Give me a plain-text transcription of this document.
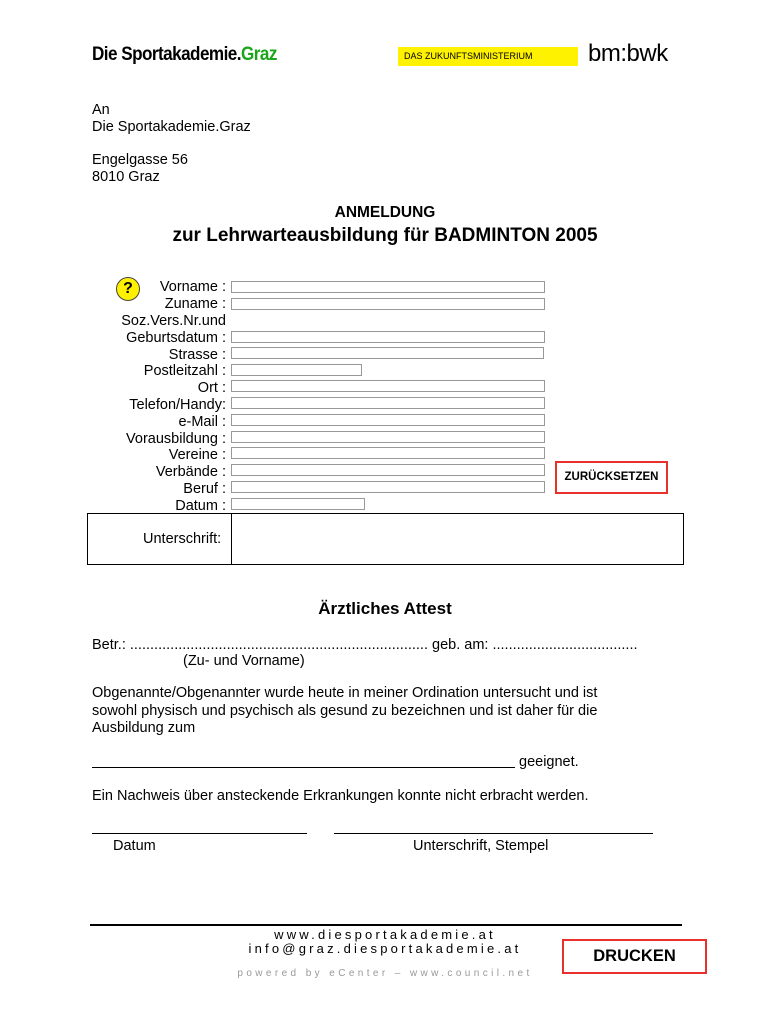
Die Sportakademie.Graz	DAS ZUKUNFTSMINISTERIUM	bm:bwk
An
Die Sportakademie.Graz
Engelgasse 56
8010 Graz
ANMELDUNG
zur Lehrwarteausbildung für BADMINTON 2005
?	Vorname :
Zuname :
Soz.Vers.Nr.und
Geburtsdatum :
Strasse :
Postleitzahl :
Ort :
Telefon/Handy:
e-Mail :
Vorausbildung :
Vereine :
Verbände :
Beruf :
Datum :
ZURÜCKSETZEN
Unterschrift:
Ärztliches Attest
Betr.: .......................................................................... geb. am: ....................................
(Zu- und Vorname)
Obgenannte/Obgenannter wurde heute in meiner Ordination untersucht und ist
sowohl physisch und psychisch als gesund zu bezeichnen und ist daher für die
Ausbildung zum
geeignet.
Ein Nachweis über ansteckende Erkrankungen konnte nicht erbracht werden.
Datum	Unterschrift, Stempel
www.diesportakademie.at
info@graz.diesportakademie.at
powered by eCenter – www.council.net
DRUCKEN
